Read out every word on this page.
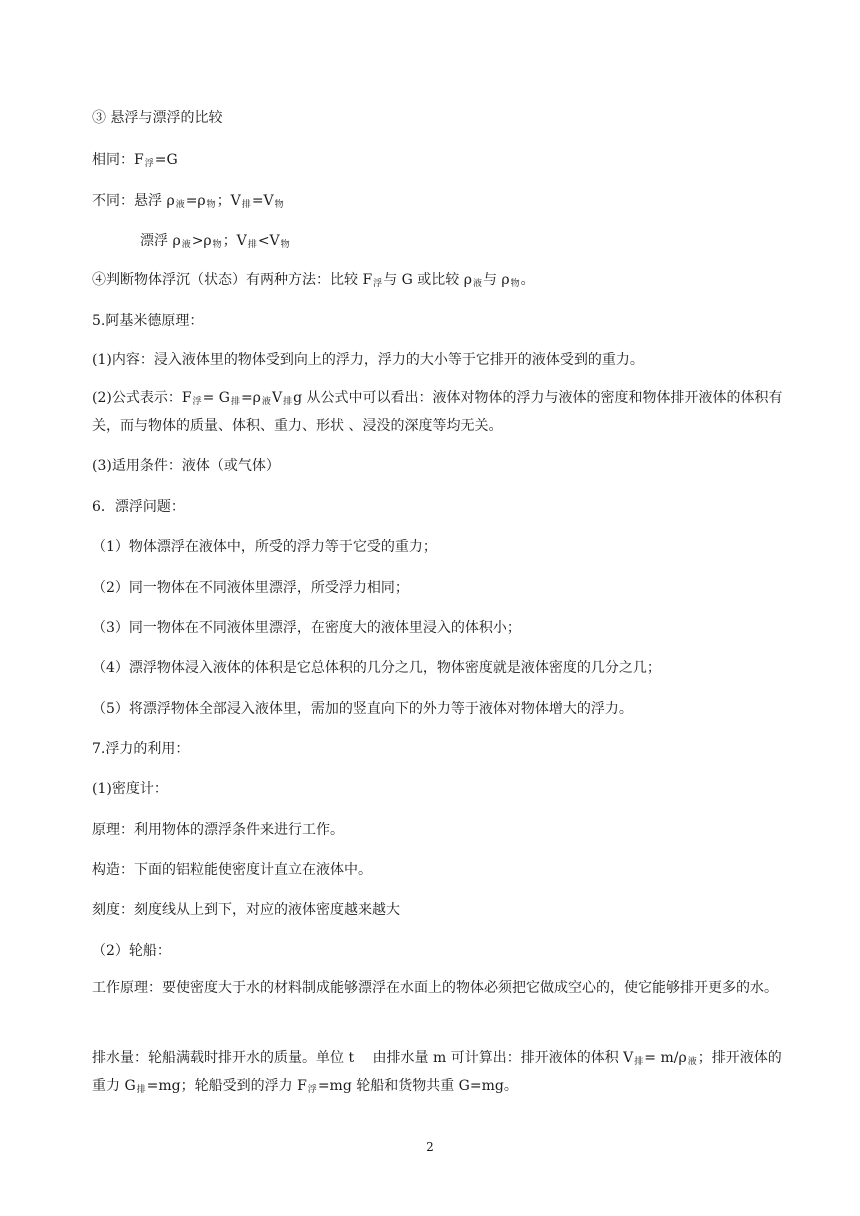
③ 悬浮与漂浮的比较
相同：$F_浮=G$
不同：悬浮 $\rho_液=\rho_物$；$V_排=V_物$
漂浮 $\rho_液>\rho_物$；$V_排<V_物$
④判断物体浮沉（状态）有两种方法：比较 $F_浮$与 G 或比较 $\rho_液$与 $\rho_物$。
5.阿基米德原理：
(1)内容：浸入液体里的物体受到向上的浮力，浮力的大小等于它排开的液体受到的重力。
(2)公式表示：$F_浮= G_排=\rho_液V_排g$ 从公式中可以看出：液体对物体的浮力与液体的密度和物体排开液体的体积有关，而与物体的质量、体积、重力、形状 、浸没的深度等均无关。
(3)适用条件：液体（或气体）
6．漂浮问题：
（1）物体漂浮在液体中，所受的浮力等于它受的重力；
（2）同一物体在不同液体里漂浮，所受浮力相同；
（3）同一物体在不同液体里漂浮，在密度大的液体里浸入的体积小；
（4）漂浮物体浸入液体的体积是它总体积的几分之几，物体密度就是液体密度的几分之几；
（5）将漂浮物体全部浸入液体里，需加的竖直向下的外力等于液体对物体增大的浮力。
7.浮力的利用：
(1)密度计：
原理：利用物体的漂浮条件来进行工作。
构造：下面的铝粒能使密度计直立在液体中。
刻度：刻度线从上到下，对应的液体密度越来越大
（2）轮船：
工作原理：要使密度大于水的材料制成能够漂浮在水面上的物体必须把它做成空心的，使它能够排开更多的水。
排水量：轮船满载时排开水的质量。单位 t　 由排水量 m 可计算出：排开液体的体积 $V_排= m/\rho_液$；排开液体的重力 $G_排=mg$；轮船受到的浮力 $F_浮=mg$ 轮船和货物共重 G=mg。
2
